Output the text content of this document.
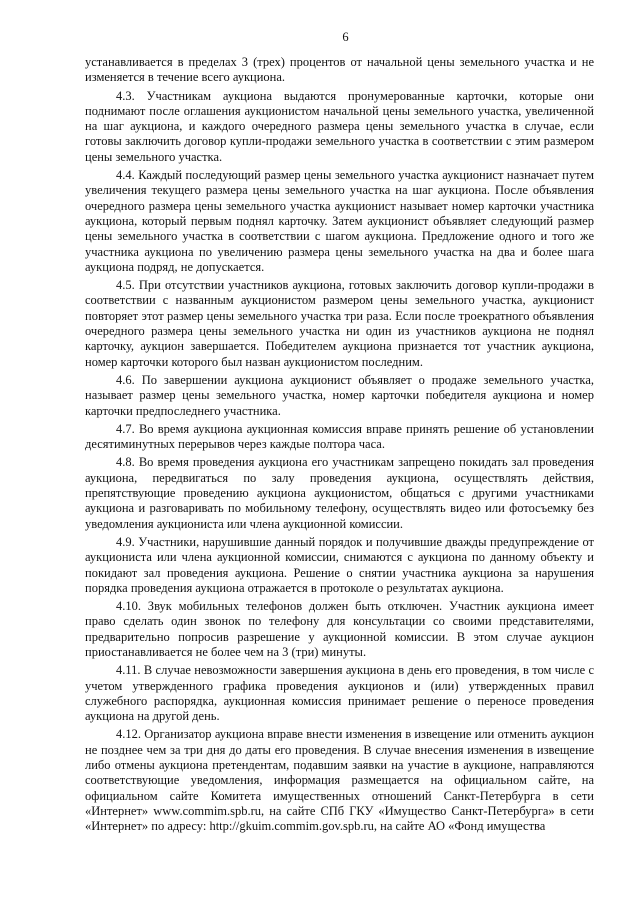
6

устанавливается в пределах 3 (трех) процентов от начальной цены земельного участка и не изменяется в течение всего аукциона.

4.3. Участникам аукциона выдаются пронумерованные карточки, которые они поднимают после оглашения аукционистом начальной цены земельного участка, увеличенной на шаг аукциона, и каждого очередного размера цены земельного участка в случае, если готовы заключить договор купли-продажи земельного участка в соответствии с этим размером цены земельного участка.

4.4. Каждый последующий размер цены земельного участка аукционист назначает путем увеличения текущего размера цены земельного участка на шаг аукциона. После объявления очередного размера цены земельного участка аукционист называет номер карточки участника аукциона, который первым поднял карточку. Затем аукционист объявляет следующий размер цены земельного участка в соответствии с шагом аукциона. Предложение одного и того же участника аукциона по увеличению размера цены земельного участка на два и более шага аукциона подряд, не допускается.

4.5. При отсутствии участников аукциона, готовых заключить договор купли-продажи в соответствии с названным аукционистом размером цены земельного участка, аукционист повторяет этот размер цены земельного участка три раза. Если после троекратного объявления очередного размера цены земельного участка ни один из участников аукциона не поднял карточку, аукцион завершается. Победителем аукциона признается тот участник аукциона, номер карточки которого был назван аукционистом последним.

4.6. По завершении аукциона аукционист объявляет о продаже земельного участка, называет размер цены земельного участка, номер карточки победителя аукциона и номер карточки предпоследнего участника.

4.7. Во время аукциона аукционная комиссия вправе принять решение об установлении десятиминутных перерывов через каждые полтора часа.

4.8. Во время проведения аукциона его участникам запрещено покидать зал проведения аукциона, передвигаться по залу проведения аукциона, осуществлять действия, препятствующие проведению аукциона аукционистом, общаться с другими участниками аукциона и разговаривать по мобильному телефону, осуществлять видео или фотосъемку без уведомления аукциониста или члена аукционной комиссии.

4.9. Участники, нарушившие данный порядок и получившие дважды предупреждение от аукциониста или члена аукционной комиссии, снимаются с аукциона по данному объекту и покидают зал проведения аукциона. Решение о снятии участника аукциона за нарушения порядка проведения аукциона отражается в протоколе о результатах аукциона.

4.10. Звук мобильных телефонов должен быть отключен. Участник аукциона имеет право сделать один звонок по телефону для консультации со своими представителями, предварительно попросив разрешение у аукционной комиссии. В этом случае аукцион приостанавливается не более чем на 3 (три) минуты.

4.11. В случае невозможности завершения аукциона в день его проведения, в том числе с учетом утвержденного графика проведения аукционов и (или) утвержденных правил служебного распорядка, аукционная комиссия принимает решение о переносе проведения аукциона на другой день.

4.12. Организатор аукциона вправе внести изменения в извещение или отменить аукцион не позднее чем за три дня до даты его проведения. В случае внесения изменения в извещение либо отмены аукциона претендентам, подавшим заявки на участие в аукционе, направляются соответствующие уведомления, информация размещается на официальном сайте, на официальном сайте Комитета имущественных отношений Санкт-Петербурга в сети «Интернет» www.commim.spb.ru, на сайте СПб ГКУ «Имущество Санкт-Петербурга» в сети «Интернет» по адресу: http://gkuim.commim.gov.spb.ru, на сайте АО «Фонд имущества
